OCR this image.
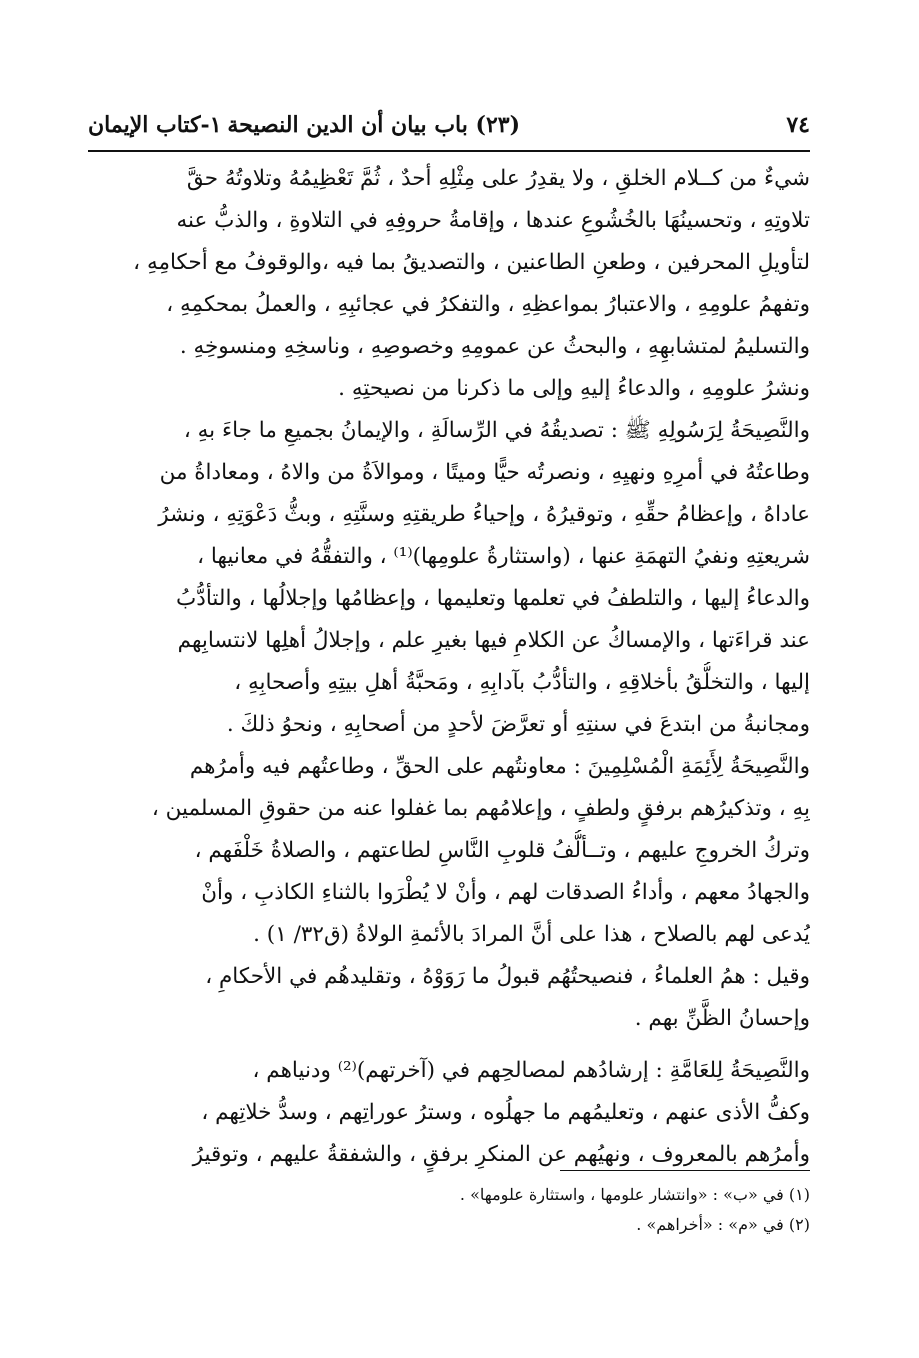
٧٤
(٢٣) باب بيان أن الدين النصيحة
١-كتاب الإيمان
شيءٌ من كــلام الخلقِ ، ولا يقدِرُ على مِثْلِهِ أحدٌ ، ثُمَّ تَعْظِيمُهُ وتلاوتُهُ حقَّ
تلاوتِهِ ، وتحسينُهَا بالخُشُوعِ عندها ، وإقامةُ حروفِهِ في التلاوةِ ، والذبُّ عنه
لتأويلِ المحرفين ، وطعنِ الطاعنين ، والتصديقُ بما فيه ،والوقوفُ مع أحكامِهِ ،
وتفهمُ علومِهِ ، والاعتبارُ بمواعظِهِ ، والتفكرُ في عجائبِهِ ، والعملُ بمحكمِهِ ،
والتسليمُ لمتشابهِهِ ، والبحثُ عن عمومِهِ وخصوصِهِ ، وناسخِهِ ومنسوخِهِ .
ونشرُ علومِهِ ، والدعاءُ إليهِ وإلى ما ذكرنا من نصيحتِهِ .
والنَّصِيحَةُ لِرَسُولِهِ ﷺ : تصديقُهُ في الرِّسالَةِ ، والإيمانُ بجميعِ ما جاءَ بهِ ،
وطاعتُهُ في أمرِهِ ونهيِهِ ، ونصرتُه حيًّا وميتًا ، وموالاَةُ من والاهُ ، ومعاداةُ من
عاداهُ ، وإعظامُ حقِّهِ ، وتوقيرُهُ ، وإحياءُ طريقتِهِ وسنَّتِهِ ، وبثُّ دَعْوَتِهِ ، ونشرُ
شريعتِهِ ونفيُ التهمَةِ عنها ، (واستثارةُ علومِها)⁽¹⁾ ، والتفقُّهُ في معانيها ،
والدعاءُ إليها ، والتلطفُ في تعلمها وتعليمها ، وإعظامُها وإجلالُها ، والتأدُّبُ
عند قراءَتها ، والإمساكُ عن الكلامِ فيها بغيرِ علم ، وإجلالُ أهلِها لانتسابِهم
إليها ، والتخلُّقُ بأخلاقِهِ ، والتأدُّبُ بآدابِهِ ، ومَحبَّةُ أهلِ بيتِهِ وأصحابِهِ ،
ومجانبةُ من ابتدعَ في سنتِهِ أو تعرَّضَ لأحدٍ من أصحابِهِ ، ونحوُ ذلكَ .
والنَّصِيحَةُ لِأَئِمَةِ الْمُسْلِمِينَ : معاونتُهم على الحقِّ ، وطاعتُهم فيه وأمرُهم
بِهِ ، وتذكيرُهم برفقٍ ولطفٍ ، وإعلامُهم بما غفلوا عنه من حقوقِ المسلمين ،
وتركُ الخروجِ عليهم ، وتــألُّفُ قلوبِ النَّاسِ لطاعتهم ، والصلاةُ خَلْفَهم ،
والجهادُ معهم ، وأداءُ الصدقات لهم ، وأنْ لا يُطْرَوا بالثناءِ الكاذبِ ، وأنْ
يُدعى لهم بالصلاح ، هذا على أنَّ المرادَ بالأئمةِ الولاةُ (ق٣٢/ ١) .
وقيل : همُ العلماءُ ، فنصيحتُهُم قبولُ ما رَوَوْهُ ، وتقليدهُم في الأحكامِ ،
وإحسانُ الظَّنِّ بهم .
والنَّصِيحَةُ لِلعَامَّةِ : إرشادُهم لمصالحِهم في (آخرتهم)⁽²⁾ ودنياهم ،
وكفُّ الأذى عنهم ، وتعليمُهم ما جهلُوه ، وسترُ عوراتِهم ، وسدُّ خلاتِهم ،
وأمرُهم بالمعروف ، ونهيُهم عن المنكرِ برفقٍ ، والشفقةُ عليهم ، وتوقيرُ
(١) في «ب» : «وانتشار علومها ، واستثارة علومها» .
(٢) في «م» : «أخراهم» .
